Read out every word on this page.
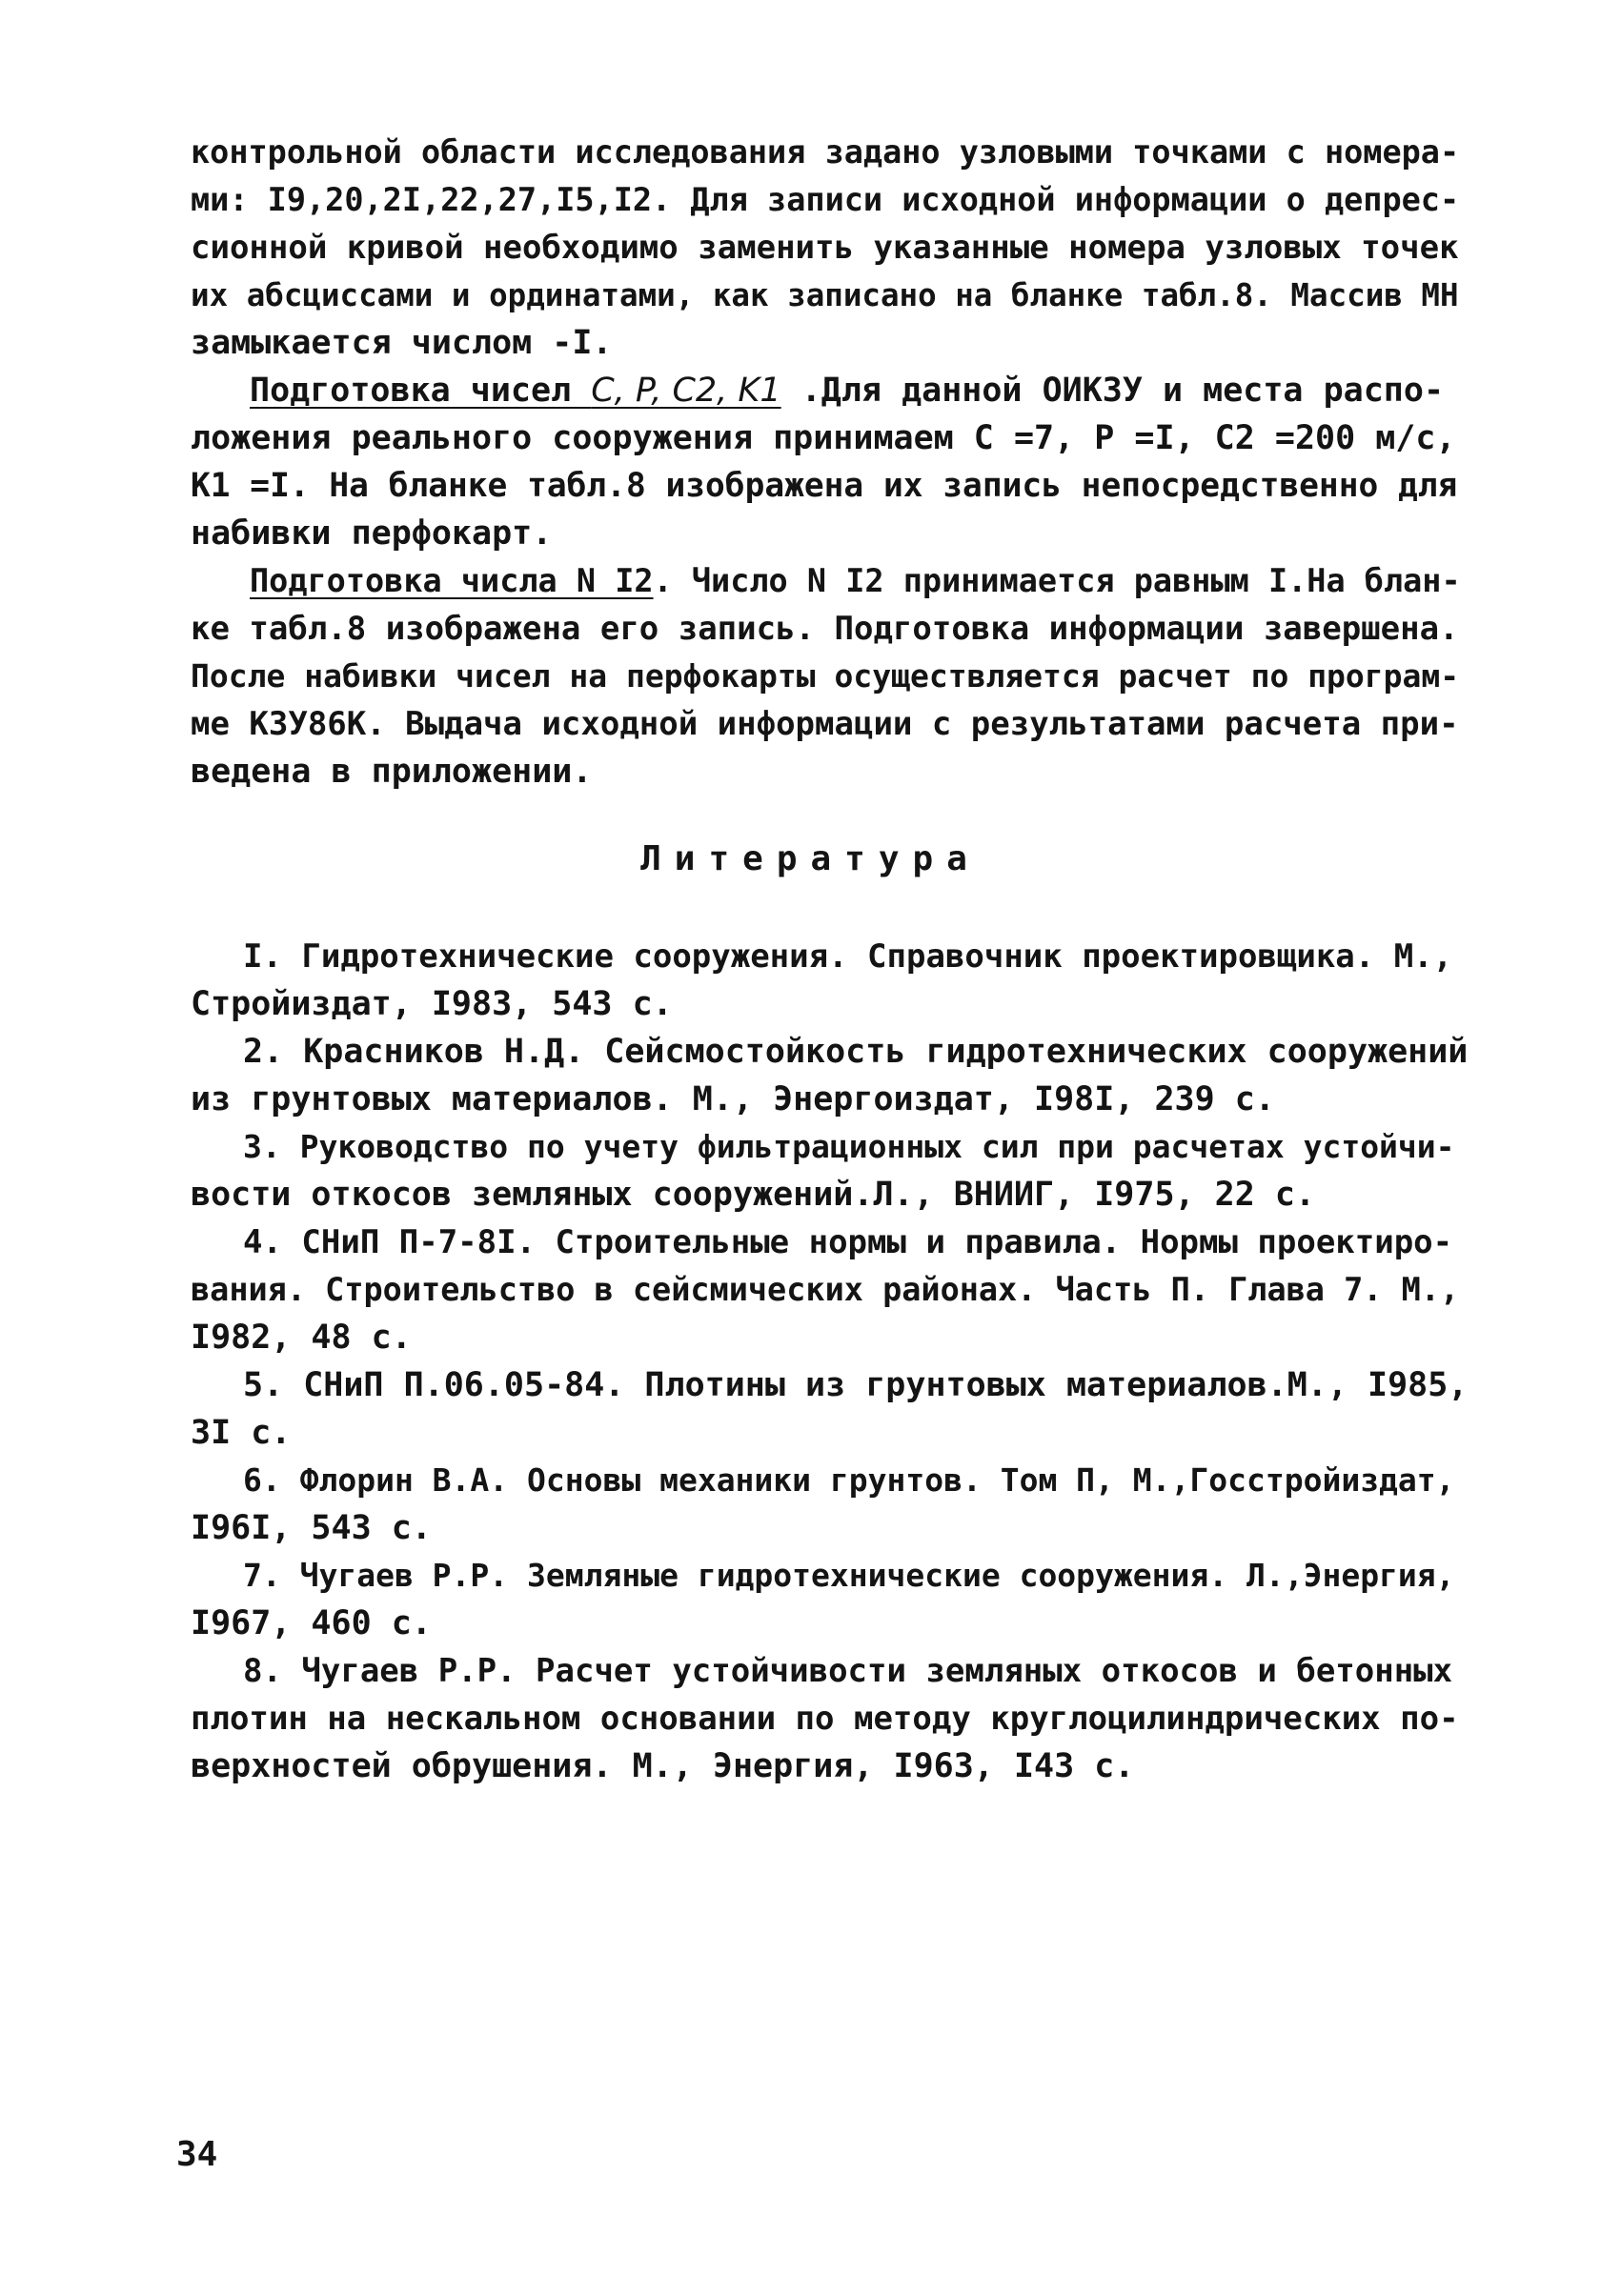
контрольной области исследования задано узловыми точками с номера-
ми: I9,20,2I,22,27,I5,I2. Для записи исходной информации о депрес-
сионной кривой необходимо заменить указанные номера узловых точек
их абсциссами и ординатами, как записано на бланке табл.8. Массив МН
замыкается числом -I.
Подготовка чисел C, P, C2, K1 .Для данной ОИКЗУ и места распо-
ложения реального сооружения принимаем C =7, P =I, C2 =200 м/с,
K1 =I. На бланке табл.8 изображена их запись непосредственно для
набивки перфокарт.
Подготовка числа N I2. Число N I2 принимается равным I.На блан-
ке табл.8 изображена его запись. Подготовка информации завершена.
После набивки чисел на перфокарты осуществляется расчет по програм-
ме КЗУ86К. Выдача исходной информации с результатами расчета при-
ведена в приложении.
Литература
I. Гидротехнические сооружения. Справочник проектировщика. М.,
Стройиздат, I983, 543 с.
2. Красников Н.Д. Сейсмостойкость гидротехнических сооружений
из грунтовых материалов. М., Энергоиздат, I98I, 239 с.
3. Руководство по учету фильтрационных сил при расчетах устойчи-
вости откосов земляных сооружений.Л., ВНИИГ, I975, 22 с.
4. СНиП П-7-8I. Строительные нормы и правила. Нормы проектиро-
вания. Строительство в сейсмических районах. Часть П. Глава 7. М.,
I982, 48 с.
5. СНиП П.06.05-84. Плотины из грунтовых материалов.М., I985,
3I с.
6. Флорин В.А. Основы механики грунтов. Том П, М.,Госстройиздат,
I96I, 543 с.
7. Чугаев Р.Р. Земляные гидротехнические сооружения. Л.,Энергия,
I967, 460 с.
8. Чугаев Р.Р. Расчет устойчивости земляных откосов и бетонных
плотин на нескальном основании по методу круглоцилиндрических по-
верхностей обрушения. М., Энергия, I963, I43 с.
34
